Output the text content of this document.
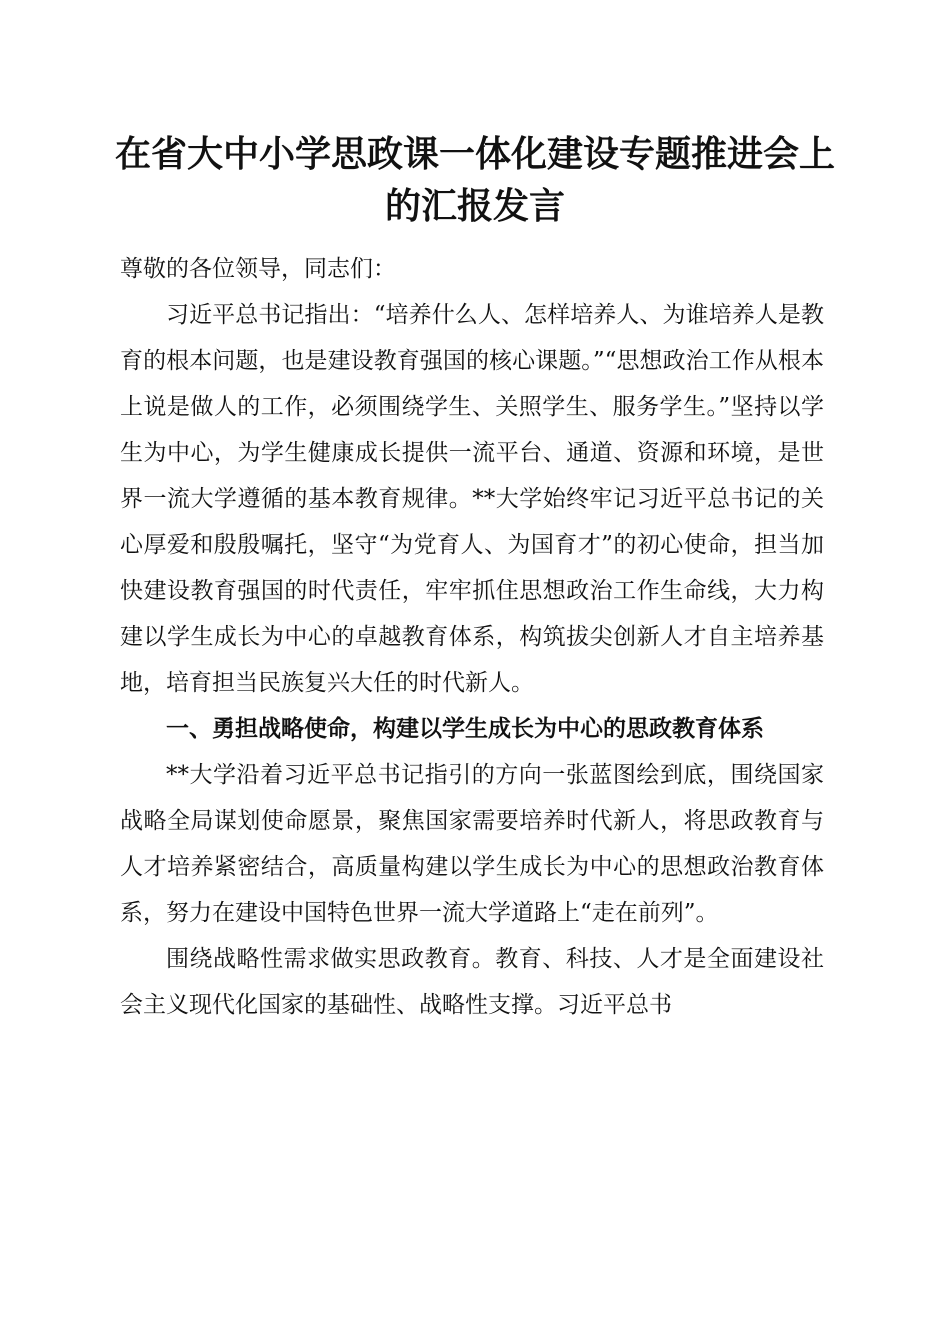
在省大中小学思政课一体化建设专题推进会上的汇报发言

尊敬的各位领导，同志们：

习近平总书记指出：“培养什么人、怎样培养人、为谁培养人是教育的根本问题，也是建设教育强国的核心课题。”“思想政治工作从根本上说是做人的工作，必须围绕学生、关照学生、服务学生。”坚持以学生为中心，为学生健康成长提供一流平台、通道、资源和环境，是世界一流大学遵循的基本教育规律。**大学始终牢记习近平总书记的关心厚爱和殷殷嘱托，坚守“为党育人、为国育才”的初心使命，担当加快建设教育强国的时代责任，牢牢抓住思想政治工作生命线，大力构建以学生成长为中心的卓越教育体系，构筑拔尖创新人才自主培养基地，培育担当民族复兴大任的时代新人。

一、勇担战略使命，构建以学生成长为中心的思政教育体系

**大学沿着习近平总书记指引的方向一张蓝图绘到底，围绕国家战略全局谋划使命愿景，聚焦国家需要培养时代新人，将思政教育与人才培养紧密结合，高质量构建以学生成长为中心的思想政治教育体系，努力在建设中国特色世界一流大学道路上“走在前列”。

围绕战略性需求做实思政教育。教育、科技、人才是全面建设社会主义现代化国家的基础性、战略性支撑。习近平总书
